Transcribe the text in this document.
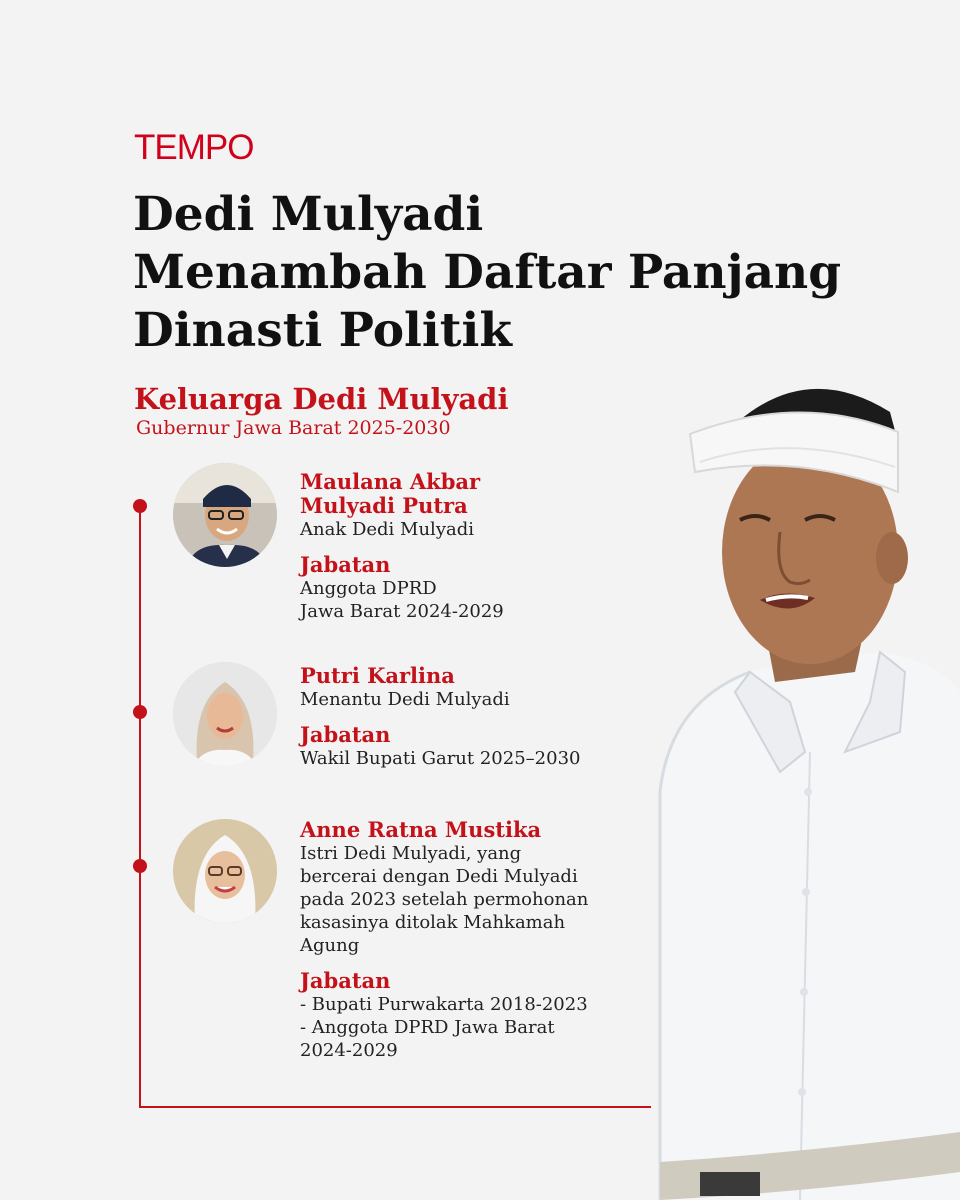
TEMPO
Dedi Mulyadi
Menambah Daftar Panjang
Dinasti Politik
Keluarga Dedi Mulyadi
Gubernur Jawa Barat 2025-2030
Maulana Akbar
Mulyadi Putra
Anak Dedi Mulyadi
Jabatan
Anggota DPRD
Jawa Barat 2024-2029
Putri Karlina
Menantu Dedi Mulyadi
Jabatan
Wakil Bupati Garut 2025–2030
Anne Ratna Mustika
Istri Dedi Mulyadi, yang
bercerai dengan Dedi Mulyadi
pada 2023 setelah permohonan
kasasinya ditolak Mahkamah
Agung
Jabatan
- Bupati Purwakarta 2018-2023
- Anggota DPRD Jawa Barat
2024-2029
